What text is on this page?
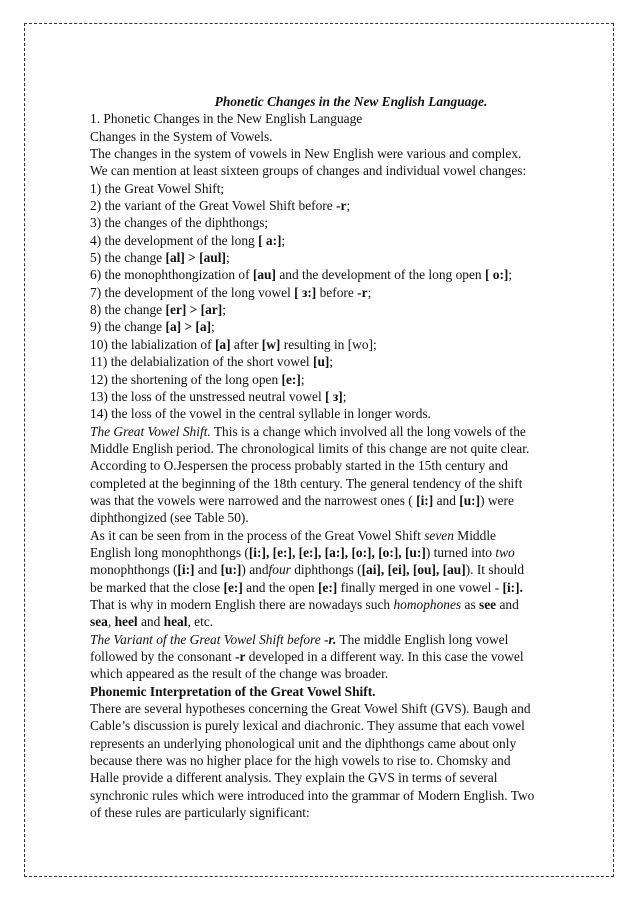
Phonetic Changes in the New English Language.
1. Phonetic Changes in the New English Language
Changes in the System of Vowels.
The changes in the system of vowels in New English were various and complex.
We can mention at least sixteen groups of changes and individual vowel changes:
1) the Great Vowel Shift;
2) the variant of the Great Vowel Shift before -r;
3) the changes of the diphthongs;
4) the development of the long [ a:];
5) the change [al] > [aul];
6) the monophthongization of [au] and the development of the long open [ o:];
7) the development of the long vowel [ з:] before -r;
8) the change [er] > [ar];
9) the change [a] > [a];
10) the labialization of [a] after [w] resulting in [wo];
11) the delabialization of the short vowel [u];
12) the shortening of the long open [e:];
13) the loss of the unstressed neutral vowel [ з];
14) the loss of the vowel in the central syllable in longer words.
The Great Vowel Shift. This is a change which involved all the long vowels of the
Middle English period. The chronological limits of this change are not quite clear.
According to O.Jespersen the process probably started in the 15th century and
completed at the beginning of the 18th century. The general tendency of the shift
was that the vowels were narrowed and the narrowest ones ( [i:] and [u:]) were
diphthongized (see Table 50).
As it can be seen from in the process of the Great Vowel Shift seven Middle
English long monophthongs ([i:], [e:], [e:], [a:], [o:], [o:], [u:]) turned into two
monophthongs ([i:] and [u:]) andfour diphthongs ([ai], [ei], [ou], [au]). It should
be marked that the close [e:] and the open [e:] finally merged in one vowel - [i:].
That is why in modern English there are nowadays such homophones as see and
sea, heel and heal, etc.
The Variant of the Great Vowel Shift before -r. The middle English long vowel
followed by the consonant -r developed in a different way. In this case the vowel
which appeared as the result of the change was broader.
Phonemic Interpretation of the Great Vowel Shift.
There are several hypotheses concerning the Great Vowel Shift (GVS). Baugh and
Cable’s discussion is purely lexical and diachronic. They assume that each vowel
represents an underlying phonological unit and the diphthongs came about only
because there was no higher place for the high vowels to rise to. Chomsky and
Halle provide a different analysis. They explain the GVS in terms of several
synchronic rules which were introduced into the grammar of Modern English. Two
of these rules are particularly significant:
